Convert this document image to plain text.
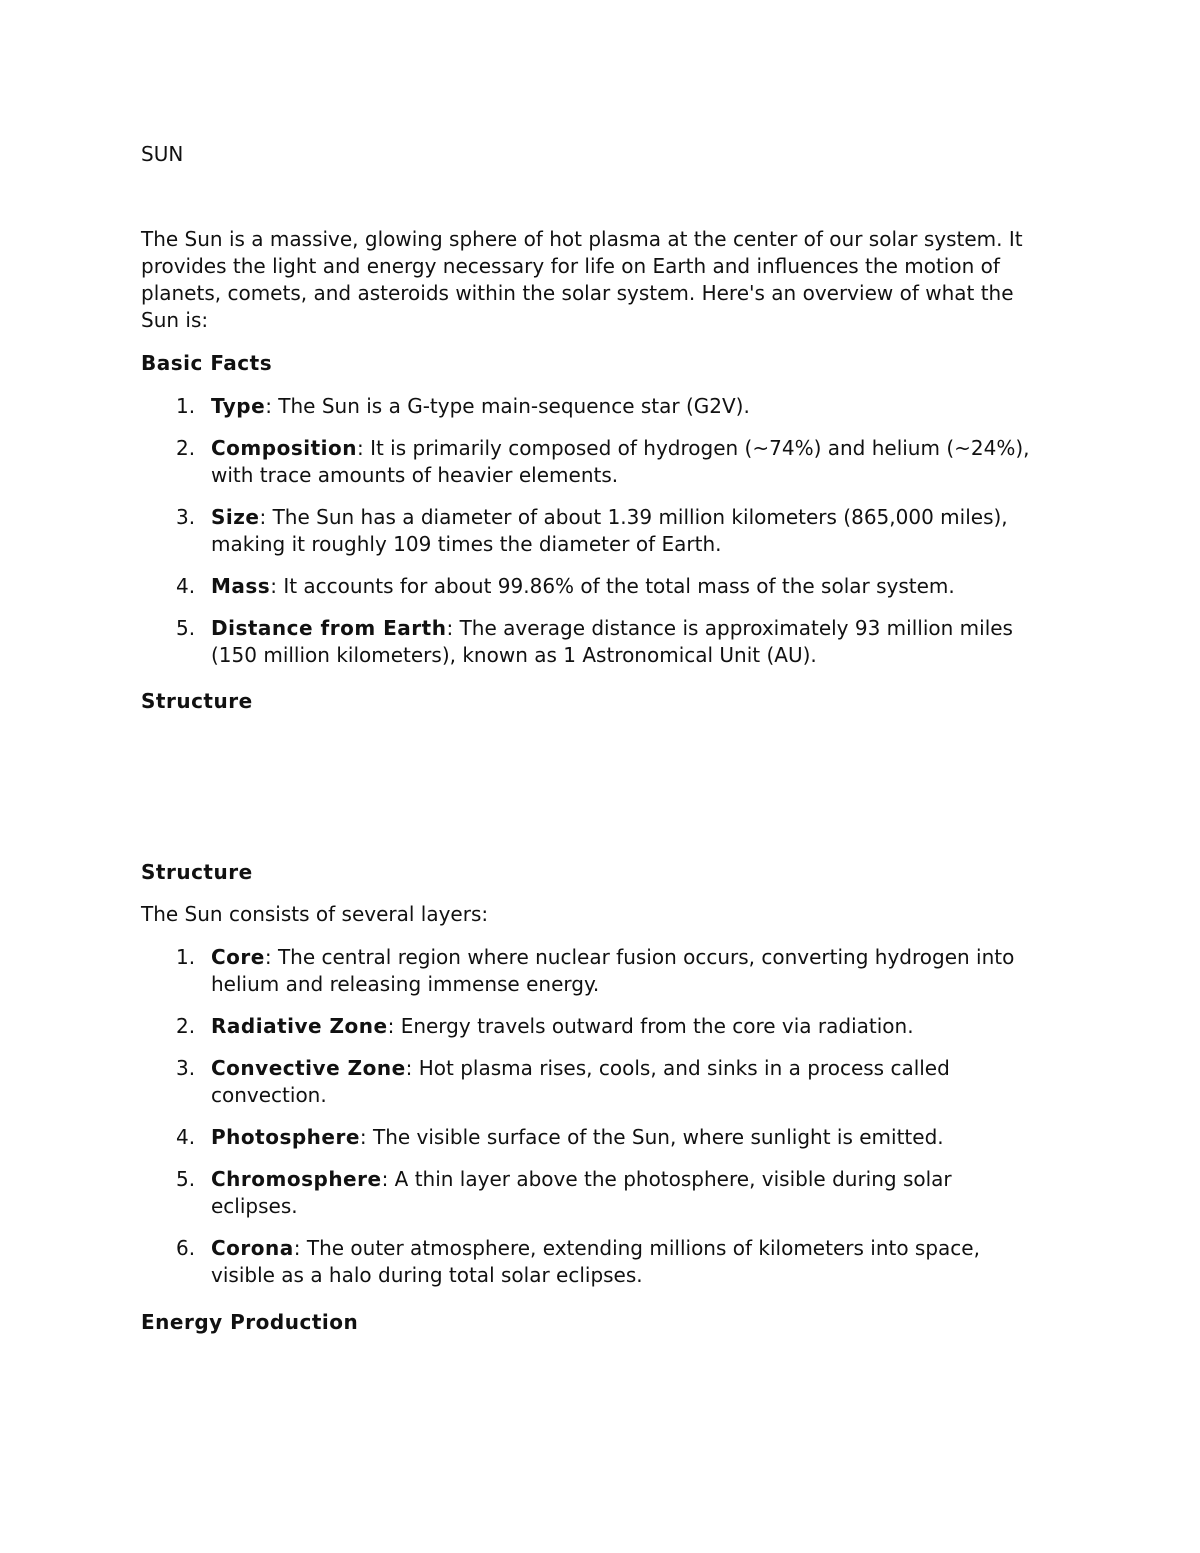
SUN

The Sun is a massive, glowing sphere of hot plasma at the center of our solar system. It provides the light and energy necessary for life on Earth and influences the motion of planets, comets, and asteroids within the solar system. Here's an overview of what the Sun is:

Basic Facts

1. Type: The Sun is a G-type main-sequence star (G2V).
2. Composition: It is primarily composed of hydrogen (~74%) and helium (~24%), with trace amounts of heavier elements.
3. Size: The Sun has a diameter of about 1.39 million kilometers (865,000 miles), making it roughly 109 times the diameter of Earth.
4. Mass: It accounts for about 99.86% of the total mass of the solar system.
5. Distance from Earth: The average distance is approximately 93 million miles (150 million kilometers), known as 1 Astronomical Unit (AU).

Structure

Structure

The Sun consists of several layers:

1. Core: The central region where nuclear fusion occurs, converting hydrogen into helium and releasing immense energy.
2. Radiative Zone: Energy travels outward from the core via radiation.
3. Convective Zone: Hot plasma rises, cools, and sinks in a process called convection.
4. Photosphere: The visible surface of the Sun, where sunlight is emitted.
5. Chromosphere: A thin layer above the photosphere, visible during solar eclipses.
6. Corona: The outer atmosphere, extending millions of kilometers into space, visible as a halo during total solar eclipses.

Energy Production
